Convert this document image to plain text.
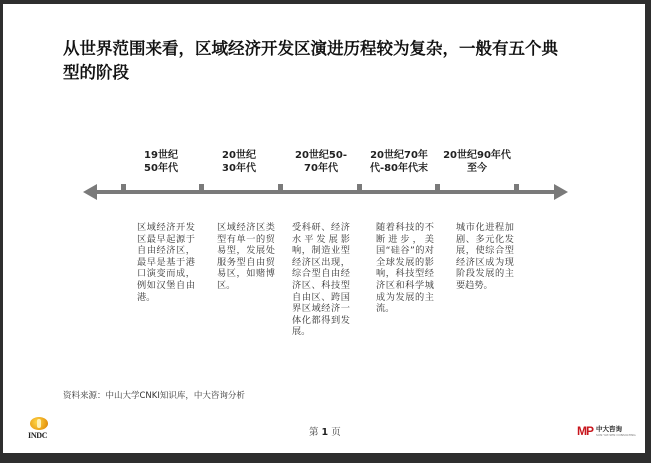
从世界范围来看，区域经济开发区演进历程较为复杂，一般有五个典型的阶段
19世纪
50年代
20世纪
30年代
20世纪50-
70年代
20世纪70年
代-80年代末
20世纪90年代
至今
区域经济开发区最早起源于自由经济区，最早是基于港口演变而成，例如汉堡自由港。
区域经济区类型有单一的贸易型，发展处服务型自由贸易区，如赌博区。
受科研、经济水平发展影响，制造业型经济区出现，综合型自由经济区、科技型自由区、跨国界区域经济一体化都得到发展。
随着科技的不断进步，美国“硅谷”的对全球发展的影响，科技型经济区和科学城成为发展的主流。
城市化进程加剧、多元化发展，使综合型经济区成为现阶段发展的主要趋势。
资料来源：中山大学CNKI知识库，中大咨询分析
INDC	第 1 页	MP 中大咨询
SUN YAT-SEN CONSULTING
